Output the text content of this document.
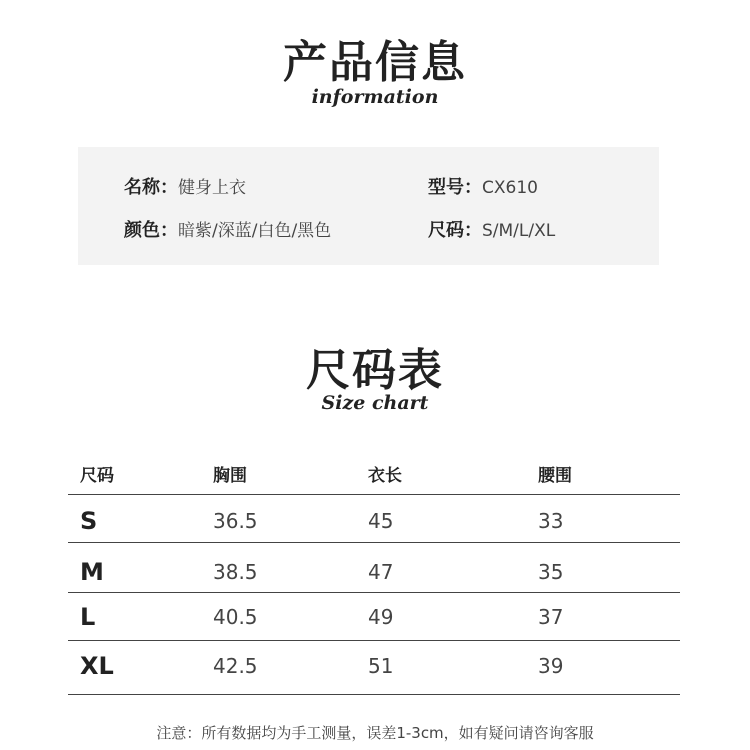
产品信息
information
名称：健身上衣	型号：CX610
颜色：暗紫/深蓝/白色/黑色	尺码：S/M/L/XL
尺码表
Size chart
尺码	胸围	衣长	腰围
S	36.5	45	33
M	38.5	47	35
L	40.5	49	37
XL	42.5	51	39
注意：所有数据均为手工测量，误差1-3cm，如有疑问请咨询客服
